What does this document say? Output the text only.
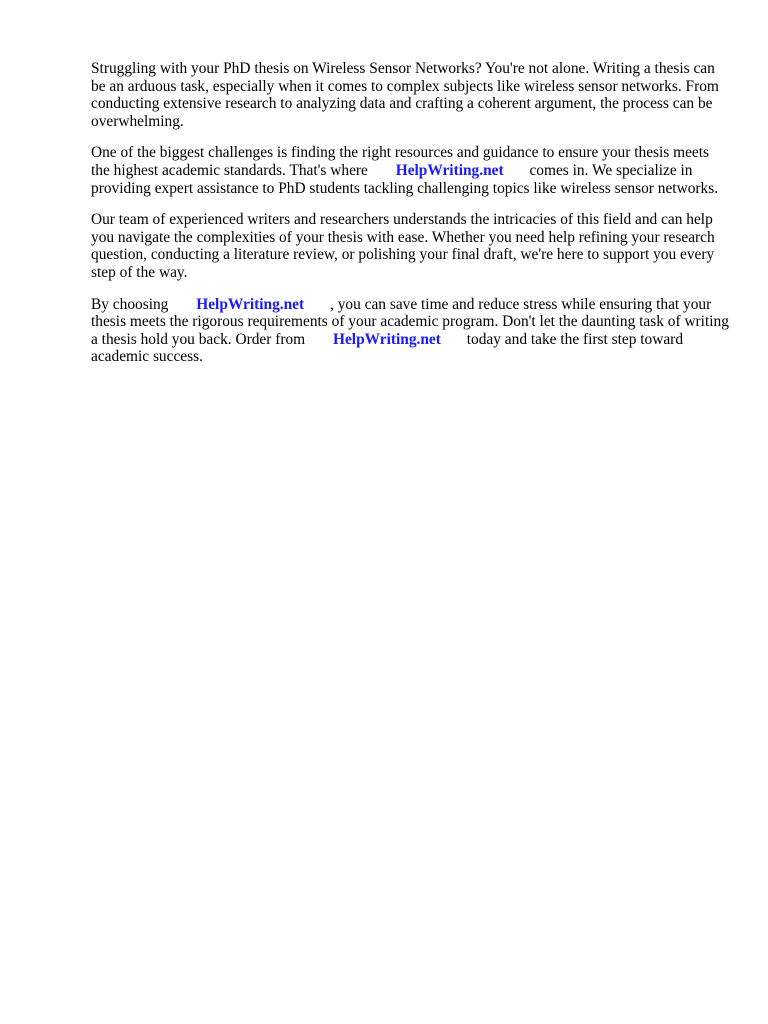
Struggling with your PhD thesis on Wireless Sensor Networks? You're not alone. Writing a thesis can be an arduous task, especially when it comes to complex subjects like wireless sensor networks. From conducting extensive research to analyzing data and crafting a coherent argument, the process can be overwhelming.

One of the biggest challenges is finding the right resources and guidance to ensure your thesis meets the highest academic standards. That's where HelpWriting.net comes in. We specialize in providing expert assistance to PhD students tackling challenging topics like wireless sensor networks.

Our team of experienced writers and researchers understands the intricacies of this field and can help you navigate the complexities of your thesis with ease. Whether you need help refining your research question, conducting a literature review, or polishing your final draft, we're here to support you every step of the way.

By choosing HelpWriting.net , you can save time and reduce stress while ensuring that your thesis meets the rigorous requirements of your academic program. Don't let the daunting task of writing a thesis hold you back. Order from HelpWriting.net today and take the first step toward academic success.
